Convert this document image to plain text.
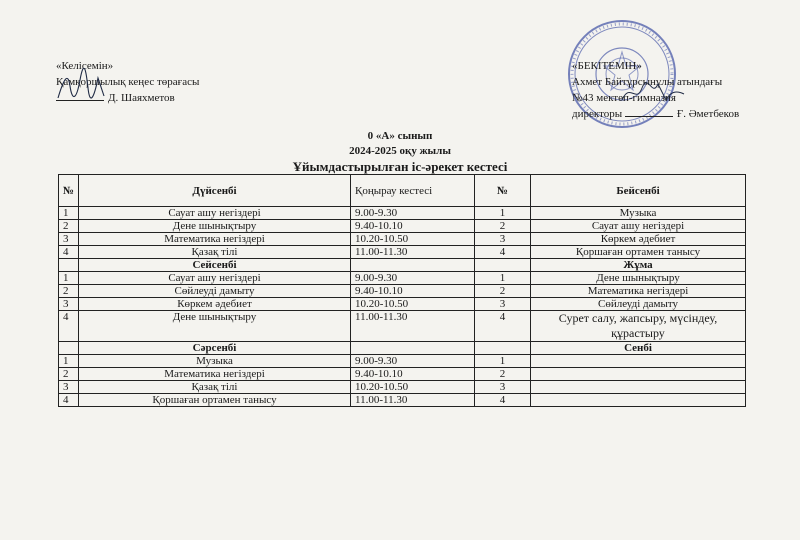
«Келісемін»
Қамқоршылық кеңес төрағасы
Д. Шаяхметов
«БЕКІТЕМІН»
Ахмет Байтұрсынұлы атындағы
№43 мектеп-гимназия
директоры	Ғ. Әметбеков
0 «А» сынып
2024-2025 оқу жылы
Ұйымдастырылған іс-әрекет кестесі
№	Дүйсенбі	Қоңырау кестесі	№	Бейсенбі
1	Сауат ашу негіздері	9.00-9.30	1	Музыка
2	Дене шынықтыру	9.40-10.10	2	Сауат ашу негіздері
3	Математика негіздері	10.20-10.50	3	Көркем әдебиет
4	Қазақ тілі	11.00-11.30	4	Қоршаған ортамен танысу
	Сейсенбі			Жұма
1	Сауат ашу негіздері	9.00-9.30	1	Дене шынықтыру
2	Сөйлеуді дамыту	9.40-10.10	2	Математика негіздері
3	Көркем әдебиет	10.20-10.50	3	Сөйлеуді дамыту
4	Дене шынықтыру	11.00-11.30	4	Сурет салу, жапсыру, мүсіндеу, құрастыру
	Сәрсенбі			Сенбі
1	Музыка	9.00-9.30	1	
2	Математика негіздері	9.40-10.10	2	
3	Қазақ тілі	10.20-10.50	3	
4	Қоршаған ортамен танысу	11.00-11.30	4	
